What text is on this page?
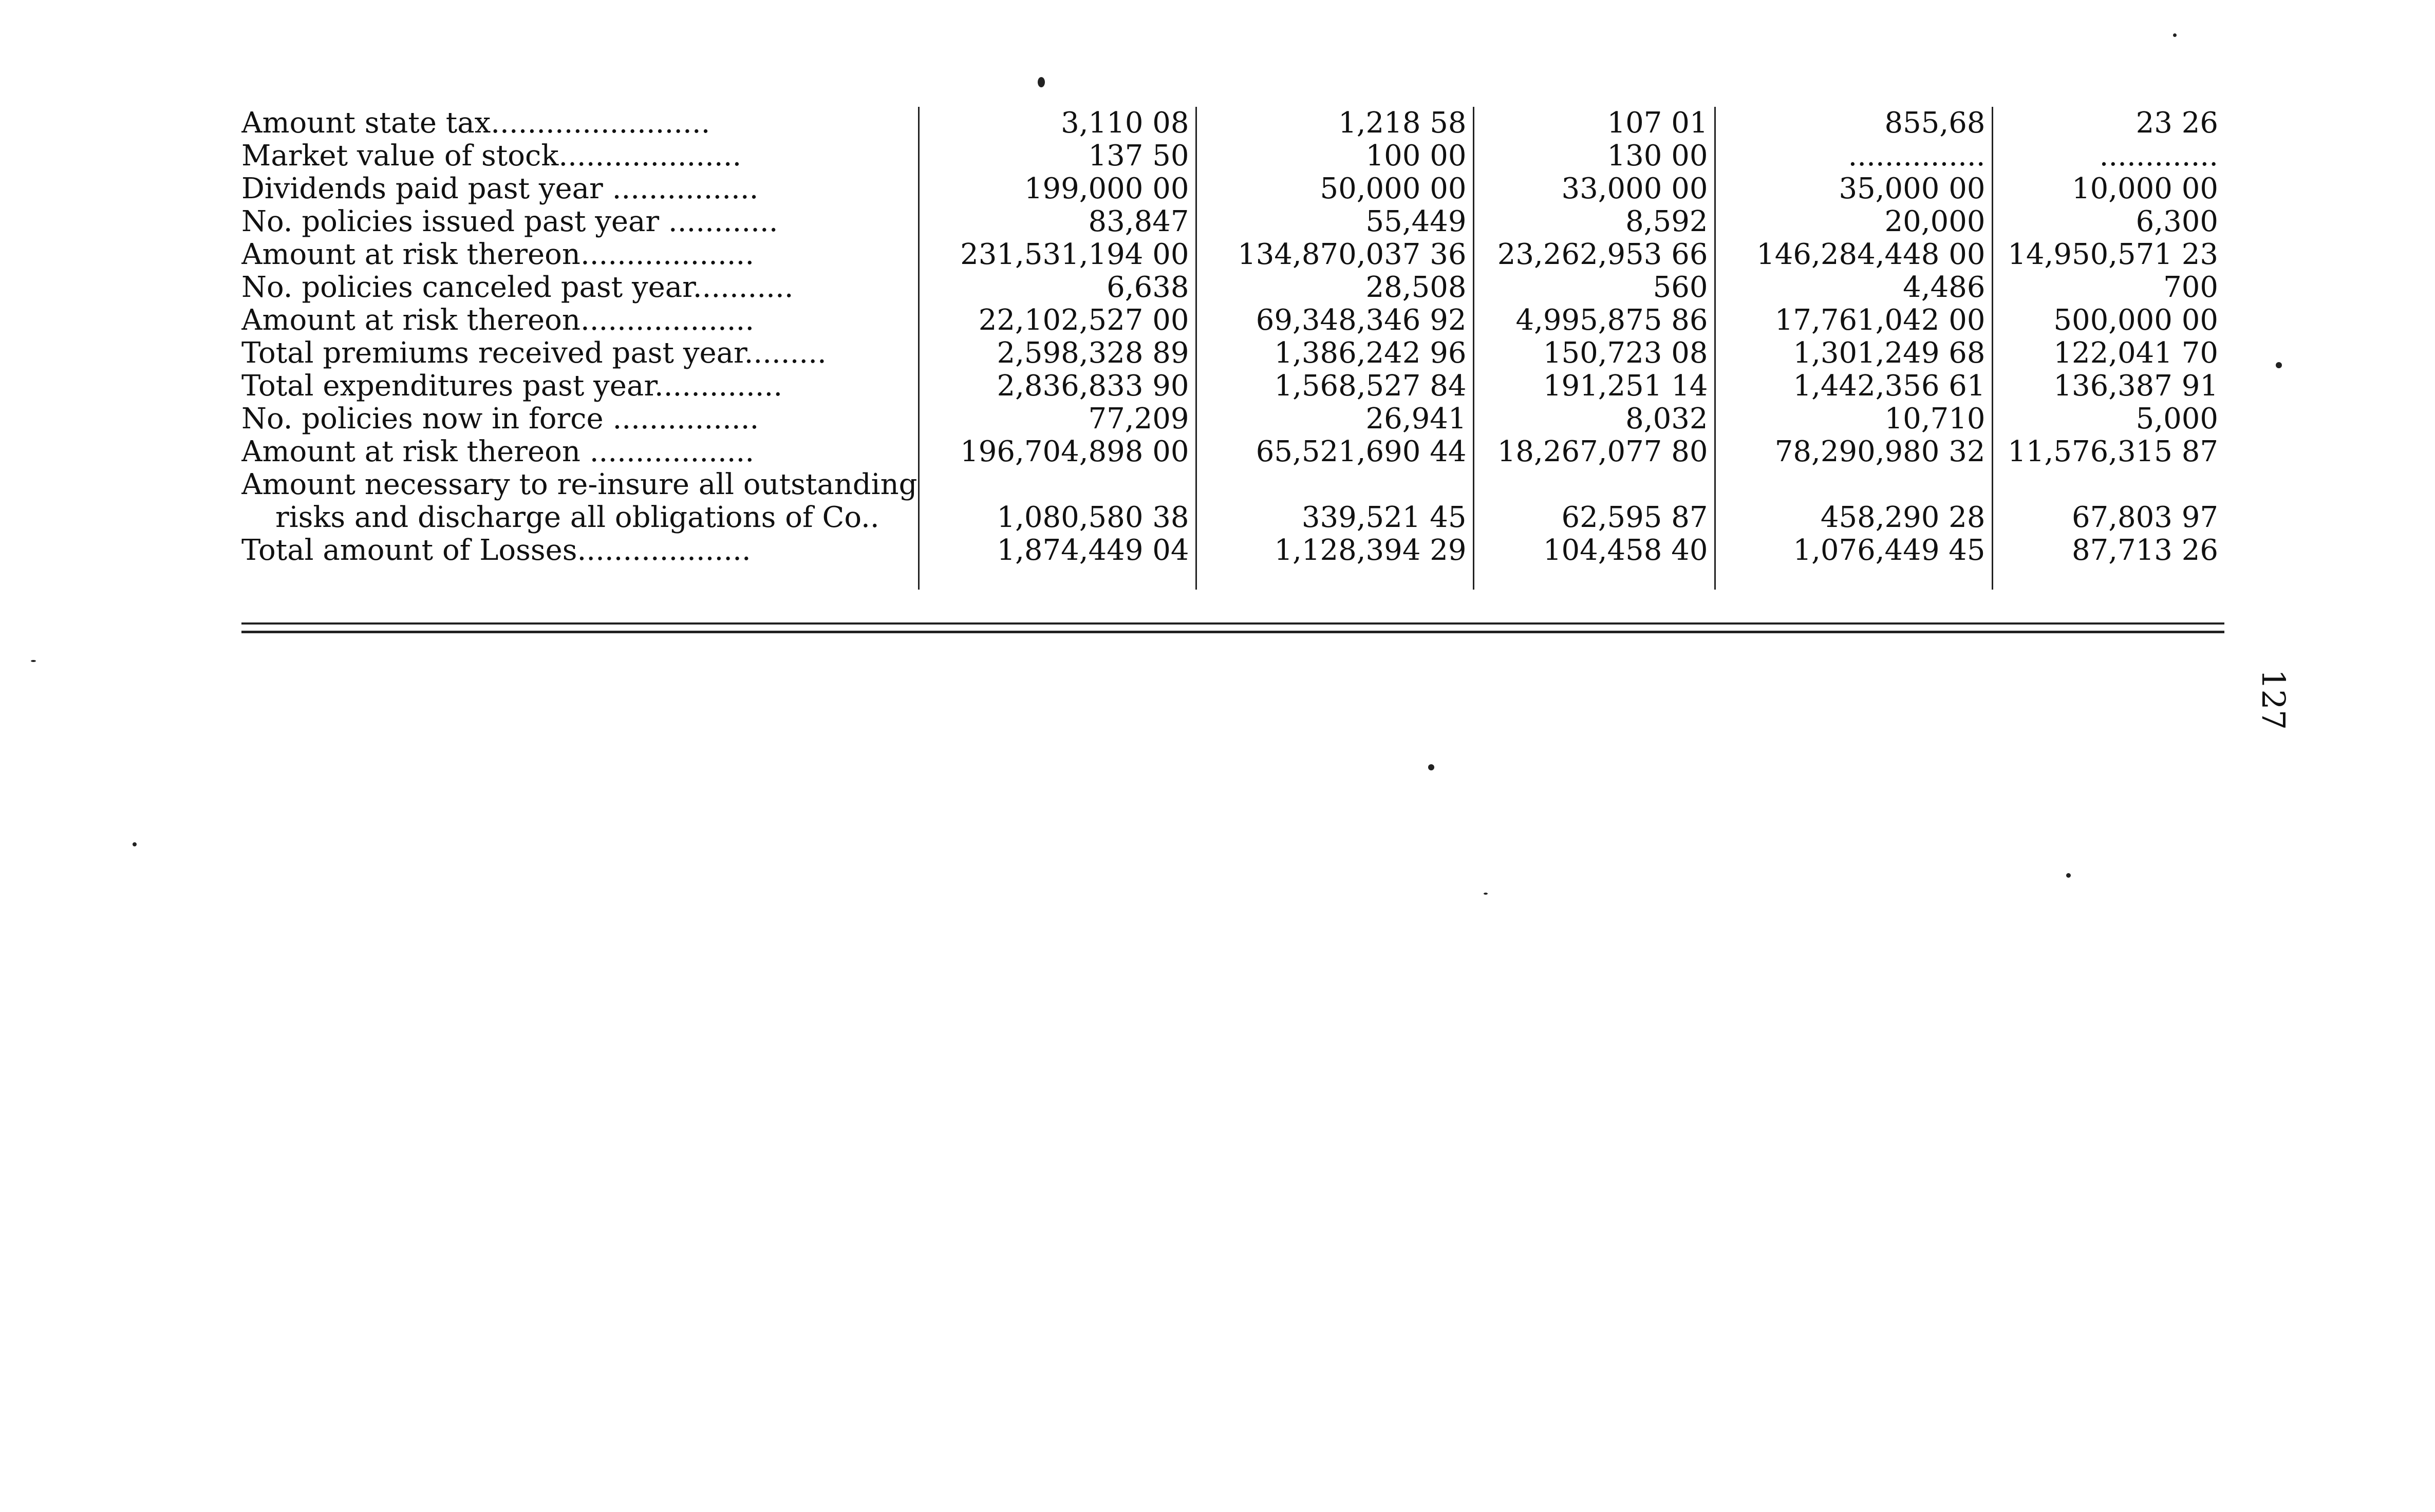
Amount state tax........................	3,110 08	1,218 58	107 01	855,68	23 26
Market value of stock....................	137 50	100 00	130 00	...............	.............
Dividends paid past year ................	199,000 00	50,000 00	33,000 00	35,000 00	10,000 00
No. policies issued past year ............	83,847	55,449	8,592	20,000	6,300
Amount at risk thereon...................	231,531,194 00	134,870,037 36	23,262,953 66	146,284,448 00	14,950,571 23
No. policies canceled past year...........	6,638	28,508	560	4,486	700
Amount at risk thereon...................	22,102,527 00	69,348,346 92	4,995,875 86	17,761,042 00	500,000 00
Total premiums received past year.........	2,598,328 89	1,386,242 96	150,723 08	1,301,249 68	122,041 70
Total expenditures past year..............	2,836,833 90	1,568,527 84	191,251 14	1,442,356 61	136,387 91
No. policies now in force ................	77,209	26,941	8,032	10,710	5,000
Amount at risk thereon ..................	196,704,898 00	65,521,690 44	18,267,077 80	78,290,980 32	11,576,315 87
Amount necessary to re-insure all outstanding					
risks and discharge all obligations of Co..	1,080,580 38	339,521 45	62,595 87	458,290 28	67,803 97
Total amount of Losses...................	1,874,449 04	1,128,394 29	104,458 40	1,076,449 45	87,713 26

127
